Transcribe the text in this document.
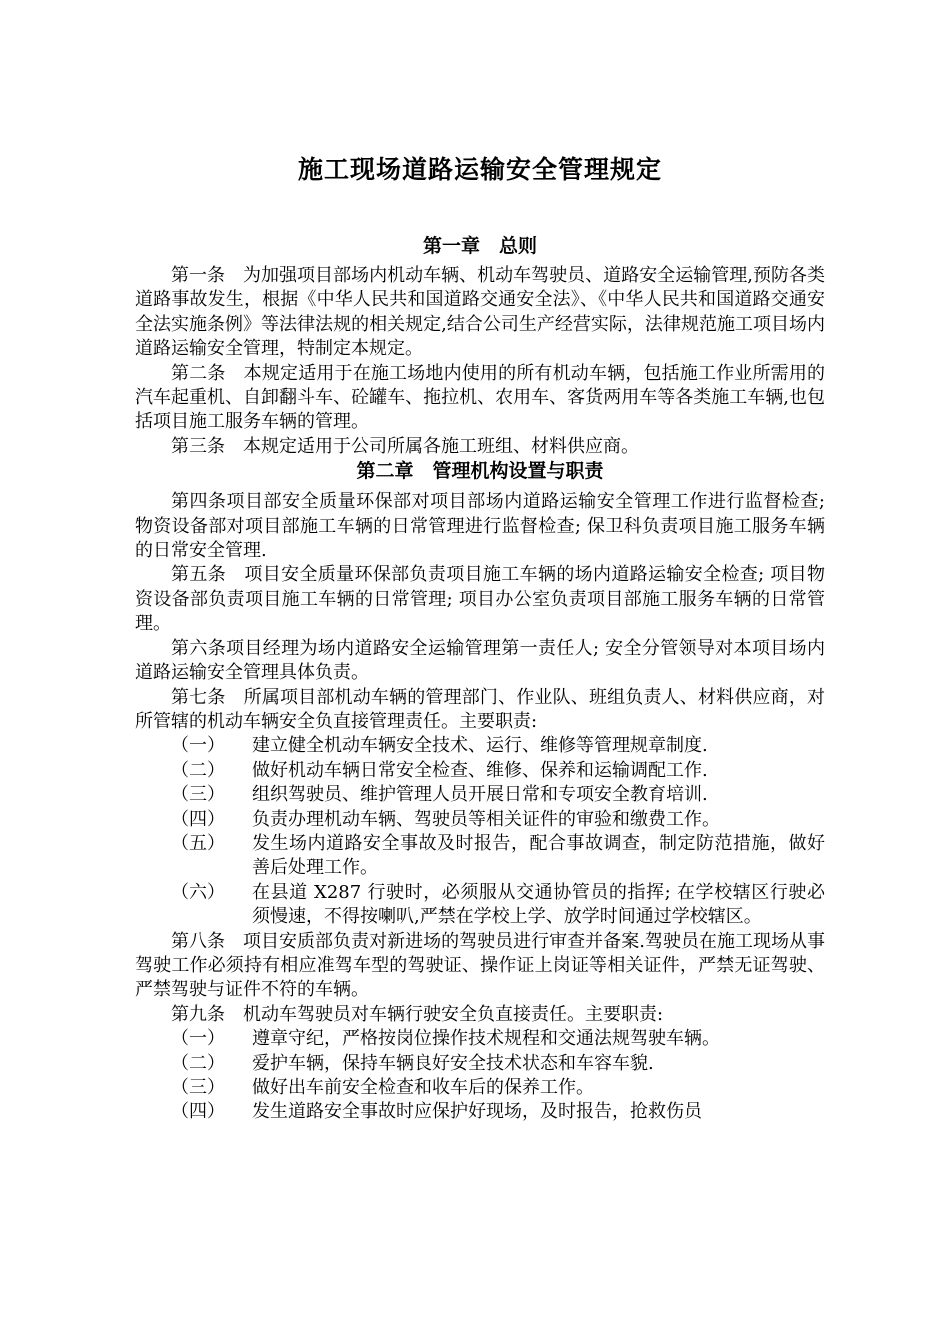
施工现场道路运输安全管理规定

第一章　总则

第一条　为加强项目部场内机动车辆、机动车驾驶员、道路安全运输管理,预防各类道路事故发生，根据《中华人民共和国道路交通安全法》、《中华人民共和国道路交通安全法实施条例》等法律法规的相关规定,结合公司生产经营实际，法律规范施工项目场内道路运输安全管理，特制定本规定。

第二条　本规定适用于在施工场地内使用的所有机动车辆，包括施工作业所需用的汽车起重机、自卸翻斗车、砼罐车、拖拉机、农用车、客货两用车等各类施工车辆,也包括项目施工服务车辆的管理。

第三条　本规定适用于公司所属各施工班组、材料供应商。

第二章　管理机构设置与职责

第四条项目部安全质量环保部对项目部场内道路运输安全管理工作进行监督检查;物资设备部对项目部施工车辆的日常管理进行监督检查; 保卫科负责项目施工服务车辆的日常安全管理.

第五条　项目安全质量环保部负责项目施工车辆的场内道路运输安全检查; 项目物资设备部负责项目施工车辆的日常管理; 项目办公室负责项目部施工服务车辆的日常管理。

第六条项目经理为场内道路安全运输管理第一责任人; 安全分管领导对本项目场内道路运输安全管理具体负责。

第七条　所属项目部机动车辆的管理部门、作业队、班组负责人、材料供应商，对所管辖的机动车辆安全负直接管理责任。主要职责:

（一）	建立健全机动车辆安全技术、运行、维修等管理规章制度.
（二）	做好机动车辆日常安全检查、维修、保养和运输调配工作.
（三）	组织驾驶员、维护管理人员开展日常和专项安全教育培训.
（四）	负责办理机动车辆、驾驶员等相关证件的审验和缴费工作。
（五）	发生场内道路安全事故及时报告，配合事故调查，制定防范措施，做好善后处理工作。
（六）	在县道 X287 行驶时，必须服从交通协管员的指挥; 在学校辖区行驶必须慢速，不得按喇叭,严禁在学校上学、放学时间通过学校辖区。

第八条　项目安质部负责对新进场的驾驶员进行审查并备案.驾驶员在施工现场从事驾驶工作必须持有相应准驾车型的驾驶证、操作证上岗证等相关证件，严禁无证驾驶、严禁驾驶与证件不符的车辆。

第九条　机动车驾驶员对车辆行驶安全负直接责任。主要职责:

（一）	遵章守纪，严格按岗位操作技术规程和交通法规驾驶车辆。
（二）	爱护车辆，保持车辆良好安全技术状态和车容车貌.
（三）	做好出车前安全检查和收车后的保养工作。
（四）	发生道路安全事故时应保护好现场，及时报告，抢救伤员
